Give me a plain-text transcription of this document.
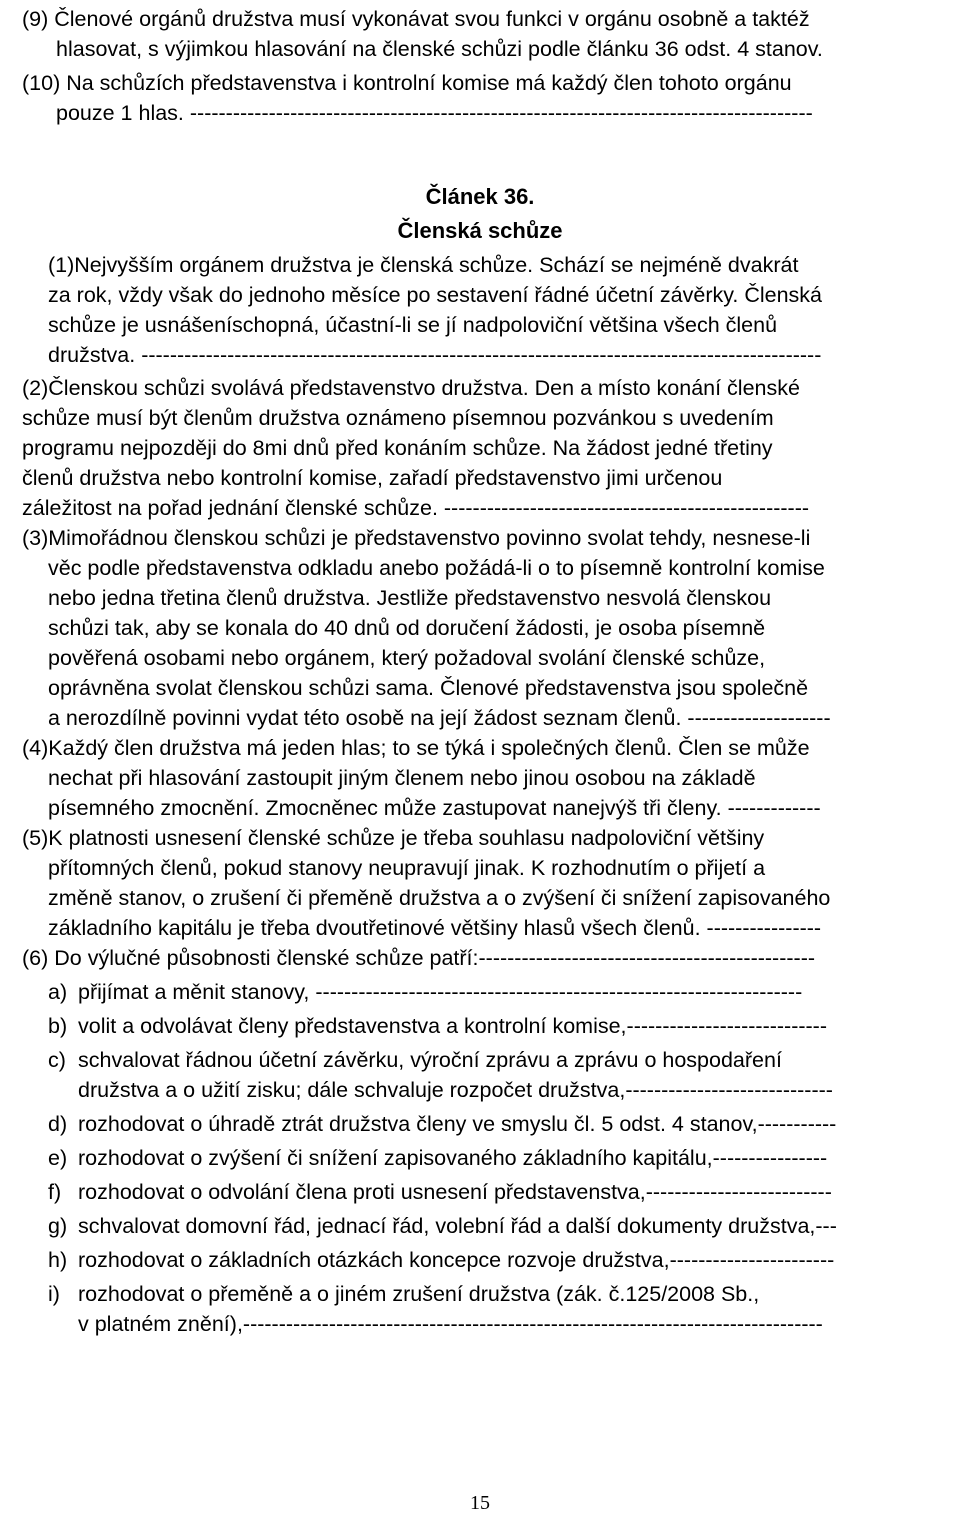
(9) Členové orgánů družstva musí vykonávat svou funkci v orgánu osobně a taktéž
hlasovat, s výjimkou hlasování na členské schůzi podle článku 36 odst. 4 stanov.
(10) Na schůzích představenstva i kontrolní komise má každý člen tohoto orgánu
pouze 1 hlas. ---------------------------------------------------------------------------------------
(1)Nejvyšším orgánem družstva je členská schůze. Schází se nejméně dvakrát
za rok, vždy však do jednoho měsíce po sestavení řádné účetní závěrky. Členská
schůze je usnášeníschopná, účastní-li se jí nadpoloviční většina všech členů
družstva. -----------------------------------------------------------------------------------------------
(2)Členskou schůzi svolává představenstvo družstva. Den a místo konání členské
schůze musí být členům družstva oznámeno písemnou pozvánkou s uvedením
programu nejpozději do 8mi dnů před konáním schůze. Na žádost jedné třetiny
členů družstva nebo kontrolní komise, zařadí představenstvo jimi určenou
záležitost na pořad jednání členské schůze. ---------------------------------------------------
(3)Mimořádnou členskou schůzi je představenstvo povinno svolat tehdy, nesnese-li
věc podle představenstva odkladu anebo požádá-li o to písemně kontrolní komise
nebo jedna třetina členů družstva. Jestliže představenstvo nesvolá členskou
schůzi tak, aby se konala do 40 dnů od doručení žádosti, je osoba písemně
pověřená osobami nebo orgánem, který požadoval svolání členské schůze,
oprávněna svolat členskou schůzi sama. Členové představenstva jsou společně
a nerozdílně povinni vydat této osobě na její žádost seznam členů. --------------------
(4)Každý člen družstva má jeden hlas; to se týká i společných členů. Člen se může
nechat při hlasování zastoupit jiným členem nebo jinou osobou na základě
písemného zmocnění. Zmocněnec může zastupovat nanejvýš tři členy. -------------
(5)K platnosti usnesení členské schůze je třeba souhlasu nadpoloviční většiny
přítomných členů, pokud stanovy neupravují jinak. K rozhodnutím o přijetí a
změně stanov, o zrušení či přeměně družstva a o zvýšení či snížení zapisovaného
základního kapitálu je třeba dvoutřetinové většiny hlasů všech členů. ----------------
(6) Do výlučné působnosti členské schůze patří:-----------------------------------------------
Článek 36.
Členská schůze
a) přijímat a měnit stanovy, --------------------------------------------------------------------
b) volit a odvolávat členy představenstva a kontrolní komise,----------------------------
c) schvalovat řádnou účetní závěrku, výroční zprávu a zprávu o hospodaření
družstva a o užití zisku; dále schvaluje rozpočet družstva,-----------------------------
d) rozhodovat o úhradě ztrát družstva členy ve smyslu čl. 5 odst. 4 stanov,-----------
e) rozhodovat o zvýšení či snížení zapisovaného základního kapitálu,----------------
f) rozhodovat o odvolání člena proti usnesení představenstva,--------------------------
g) schvalovat domovní řád, jednací řád, volební řád a další dokumenty družstva,---
h) rozhodovat o základních otázkách koncepce rozvoje družstva,-----------------------
i) rozhodovat o přeměně a o jiném zrušení družstva (zák. č.125/2008 Sb.,
v platném znění),---------------------------------------------------------------------------------
15
